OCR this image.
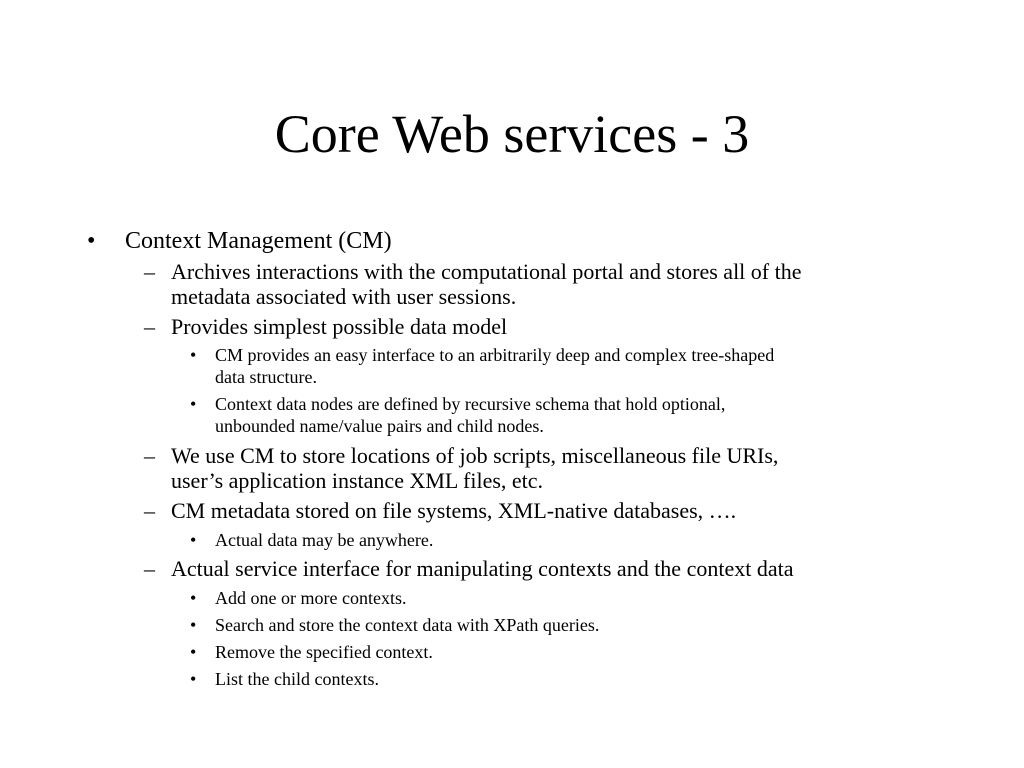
Core Web services - 3
• Context Management (CM)
– Archives interactions with the computational portal and stores all of the
metadata associated with user sessions.
– Provides simplest possible data model
• CM provides an easy interface to an arbitrarily deep and complex tree-shaped
data structure.
• Context data nodes are defined by recursive schema that hold optional,
unbounded name/value pairs and child nodes.
– We use CM to store locations of job scripts, miscellaneous file URIs,
user’s application instance XML files, etc.
– CM metadata stored on file systems, XML-native databases, ….
• Actual data may be anywhere.
– Actual service interface for manipulating contexts and the context data
• Add one or more contexts.
• Search and store the context data with XPath queries.
• Remove the specified context.
• List the child contexts.
